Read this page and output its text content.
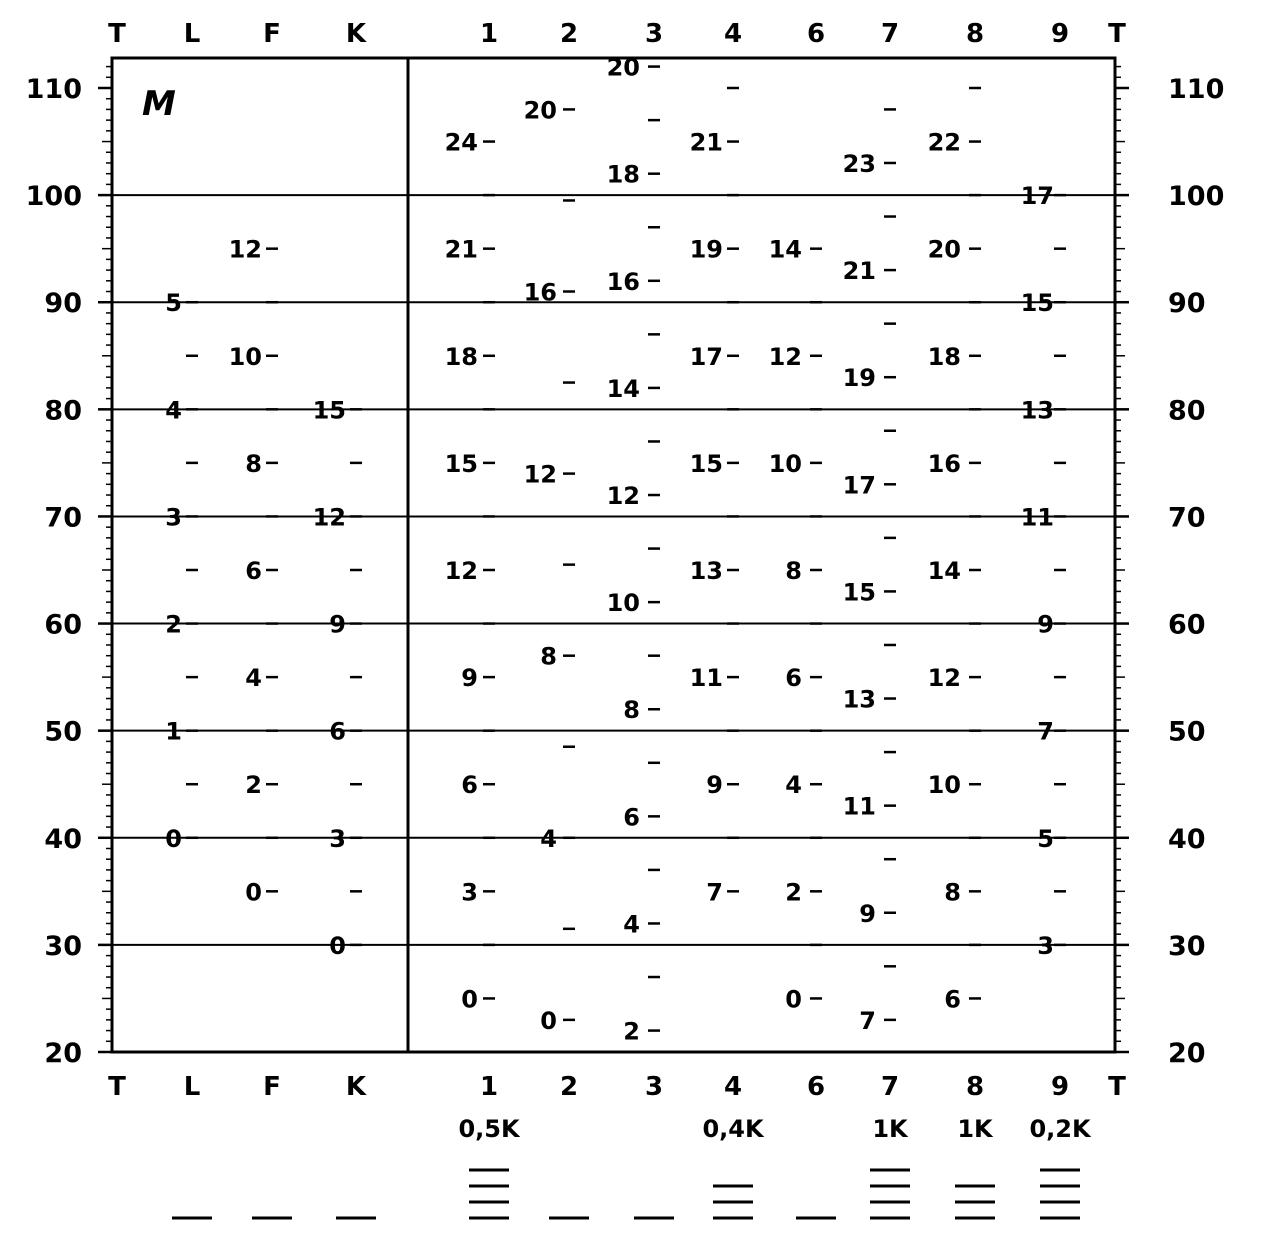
110	110
100	100
90	90
80	80
70	70
60	60
50	50
40	40
30	30
20	20
0
1
2
3
4
5
0
2
4
6
8
10
12
0
3
6
9
12
15
0
3
6
9
12
15
18
21
24
0
4
8
12
16
20
2
4
6
8
10
12
14
16
18
20
7
9
11
13
15
17
19
21
0
2
4
6
8
10
12
14
7
9
11
13
15
17
19
21
23
6
8
10
12
14
16
18
20
22
3
5
7
9
11
13
15
17
T L F	K	1 2	3 4 6 7	8	9 T
T L F	K	1 2	3 4 6 7	8	9 T
0,5K	0,4K	1K 1K 0,2K
M
